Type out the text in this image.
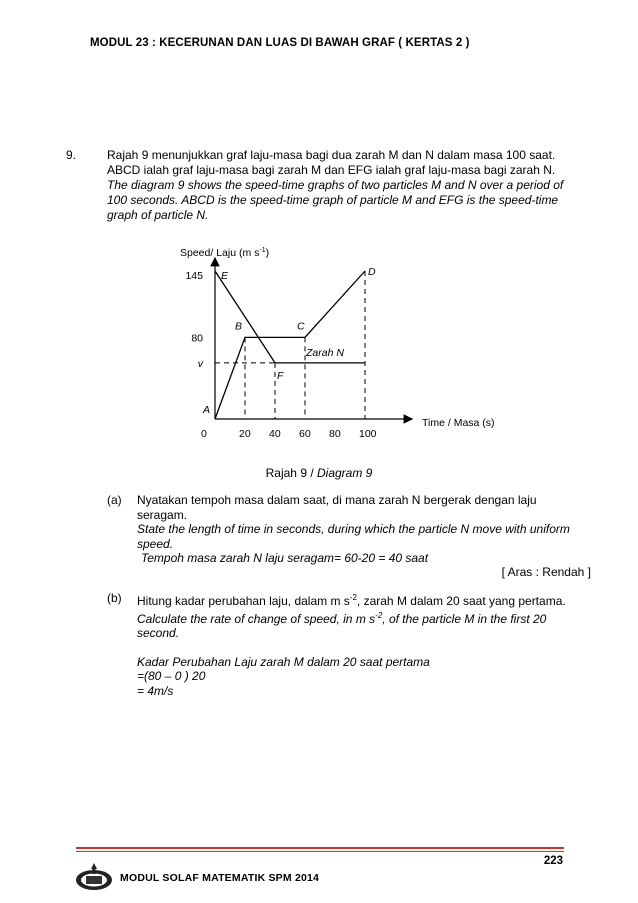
MODUL 23 : KECERUNAN DAN LUAS DI BAWAH GRAF ( KERTAS 2 )
9.	Rajah 9 menunjukkan graf laju-masa bagi dua zarah M dan N dalam masa 100 saat.
ABCD ialah graf laju-masa bagi zarah M dan EFG ialah graf laju-masa bagi zarah N.
The diagram 9 shows the speed-time graphs of two particles M and N over a period of
100 seconds. ABCD is the speed-time graph of particle M and EFG is the speed-time
graph of particle N.
0	20 40 60 80 100
145
80
v
A
B	C
D
E
F
Speed/ Laju (m $s^{-1}$)
Time / Masa (s)
Zarah N
Rajah 9 / Diagram 9
(a) Nyatakan tempoh masa dalam saat, di mana zarah N bergerak dengan laju
seragam.
State the length of time in seconds, during which the particle N move with uniform
speed.
Tempoh masa zarah N laju seragam= 60-20 = 40 saat
[ Aras : Rendah ]
(b) Hitung kadar perubahan laju, dalam m $s^{-2}$, zarah M dalam 20 saat yang pertama.
Calculate the rate of change of speed, in m $s^{-2}$, of the particle M in the first 20
second.
Kadar Perubahan Laju zarah M dalam 20 saat pertama
=(80 – 0 ) 20
= 4m/s
223
MODUL SOLAF MATEMATIK SPM 2014
